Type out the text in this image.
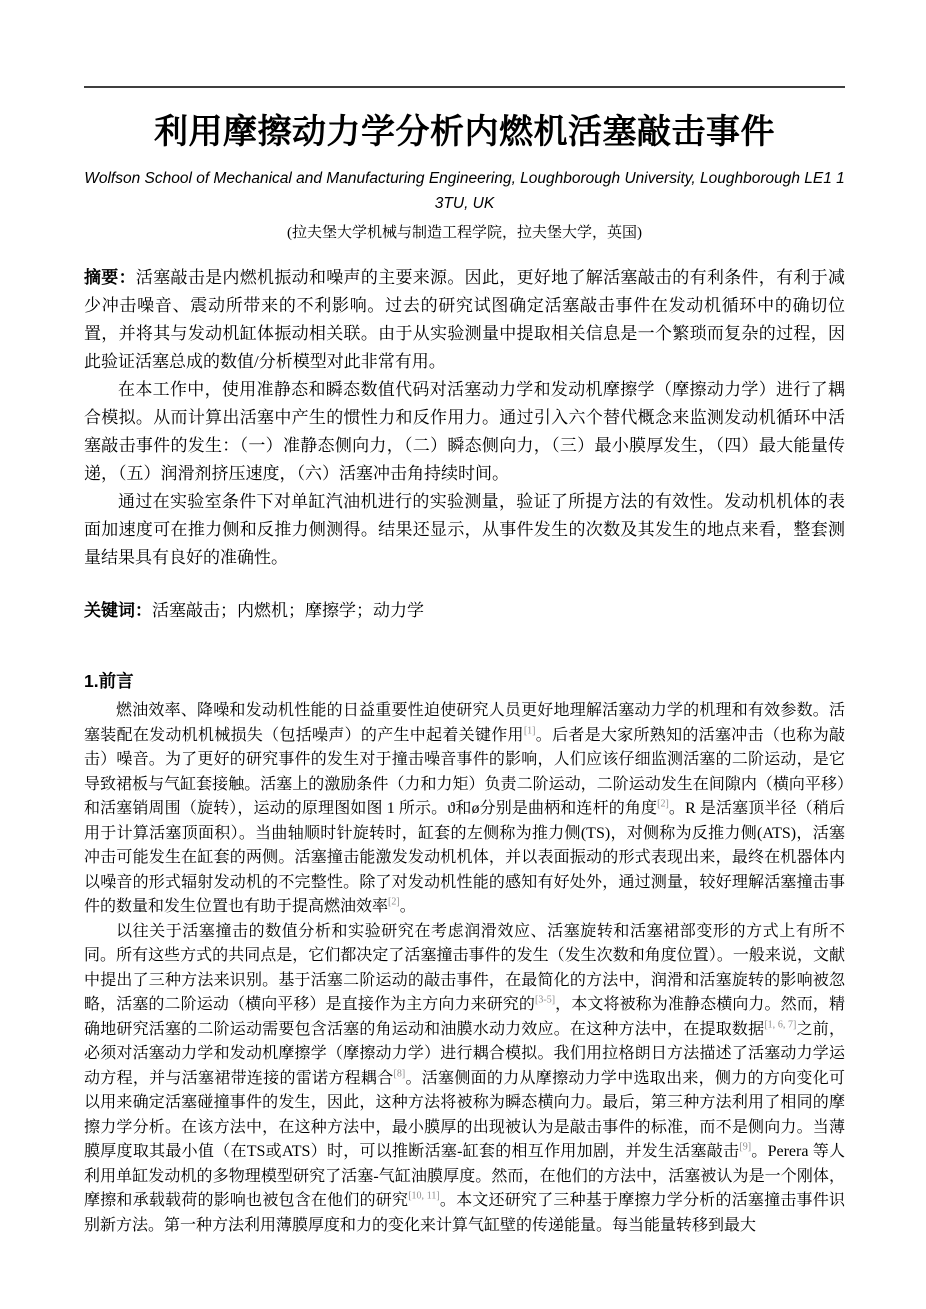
利用摩擦动力学分析内燃机活塞敲击事件

Wolfson School of Mechanical and Manufacturing Engineering, Loughborough University, Loughborough LE1 1
3TU, UK

(拉夫堡大学机械与制造工程学院，拉夫堡大学，英国)

摘要：活塞敲击是内燃机振动和噪声的主要来源。因此，更好地了解活塞敲击的有利条件，有利于减少冲击噪音、震动所带来的不利影响。过去的研究试图确定活塞敲击事件在发动机循环中的确切位置，并将其与发动机缸体振动相关联。由于从实验测量中提取相关信息是一个繁琐而复杂的过程，因此验证活塞总成的数值/分析模型对此非常有用。

在本工作中，使用准静态和瞬态数值代码对活塞动力学和发动机摩擦学（摩擦动力学）进行了耦合模拟。从而计算出活塞中产生的惯性力和反作用力。通过引入六个替代概念来监测发动机循环中活塞敲击事件的发生：（一）准静态侧向力，（二）瞬态侧向力，（三）最小膜厚发生，（四）最大能量传递，（五）润滑剂挤压速度，（六）活塞冲击角持续时间。

通过在实验室条件下对单缸汽油机进行的实验测量，验证了所提方法的有效性。发动机机体的表面加速度可在推力侧和反推力侧测得。结果还显示，从事件发生的次数及其发生的地点来看，整套测量结果具有良好的准确性。

关键词：活塞敲击；内燃机；摩擦学；动力学

1.前言

燃油效率、降噪和发动机性能的日益重要性迫使研究人员更好地理解活塞动力学的机理和有效参数。活塞装配在发动机机械损失（包括噪声）的产生中起着关键作用[1]。后者是大家所熟知的活塞冲击（也称为敲击）噪音。为了更好的研究事件的发生对于撞击噪音事件的影响，人们应该仔细监测活塞的二阶运动，是它导致裙板与气缸套接触。活塞上的激励条件（力和力矩）负责二阶运动，二阶运动发生在间隙内（横向平移）和活塞销周围（旋转），运动的原理图如图 1 所示。ϑ和ø分别是曲柄和连杆的角度[2]。R 是活塞顶半径（稍后用于计算活塞顶面积）。当曲轴顺时针旋转时，缸套的左侧称为推力侧(TS)，对侧称为反推力侧(ATS)，活塞冲击可能发生在缸套的两侧。活塞撞击能激发发动机机体，并以表面振动的形式表现出来，最终在机器体内以噪音的形式辐射发动机的不完整性。除了对发动机性能的感知有好处外，通过测量，较好理解活塞撞击事件的数量和发生位置也有助于提高燃油效率[2]。

以往关于活塞撞击的数值分析和实验研究在考虑润滑效应、活塞旋转和活塞裙部变形的方式上有所不同。所有这些方式的共同点是，它们都决定了活塞撞击事件的发生（发生次数和角度位置）。一般来说，文献中提出了三种方法来识别。基于活塞二阶运动的敲击事件，在最简化的方法中，润滑和活塞旋转的影响被忽略，活塞的二阶运动（横向平移）是直接作为主方向力来研究的[3-5]，本文将被称为准静态横向力。然而，精确地研究活塞的二阶运动需要包含活塞的角运动和油膜水动力效应。在这种方法中，在提取数据[1, 6, 7]之前，必须对活塞动力学和发动机摩擦学（摩擦动力学）进行耦合模拟。我们用拉格朗日方法描述了活塞动力学运动方程，并与活塞裙带连接的雷诺方程耦合[8]。活塞侧面的力从摩擦动力学中选取出来，侧力的方向变化可以用来确定活塞碰撞事件的发生，因此，这种方法将被称为瞬态横向力。最后，第三种方法利用了相同的摩擦力学分析。在该方法中，在这种方法中，最小膜厚的出现被认为是敲击事件的标准，而不是侧向力。当薄膜厚度取其最小值（在TS或ATS）时，可以推断活塞-缸套的相互作用加剧，并发生活塞敲击[9]。Perera 等人利用单缸发动机的多物理模型研究了活塞-气缸油膜厚度。然而，在他们的方法中，活塞被认为是一个刚体，摩擦和承载载荷的影响也被包含在他们的研究[10, 11]。本文还研究了三种基于摩擦力学分析的活塞撞击事件识别新方法。第一种方法利用薄膜厚度和力的变化来计算气缸壁的传递能量。每当能量转移到最大
